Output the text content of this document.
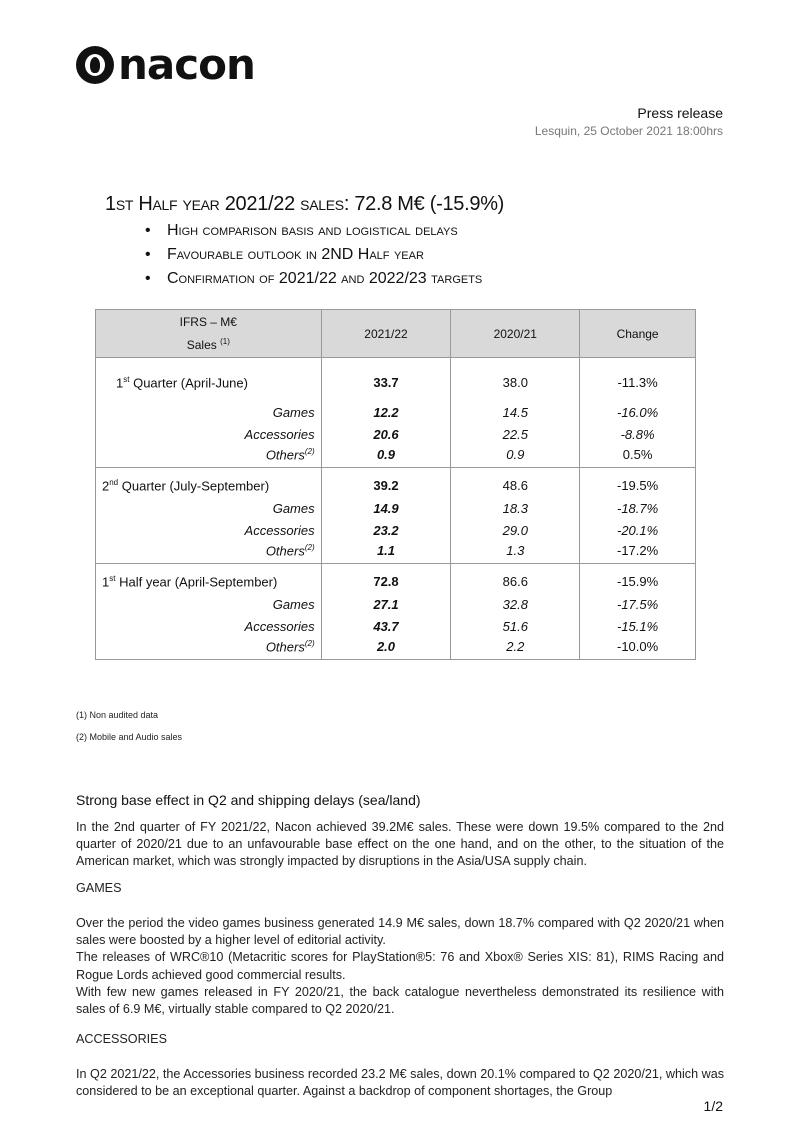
nacon
Press release
Lesquin, 25 October 2021 18:00hrs
1st Half year 2021/22 sales: 72.8 M€ (-15.9%)
• High comparison basis and logistical delays
• Favourable outlook in 2ND Half year
• Confirmation of 2021/22 and 2022/23 targets
IFRS – M€
Sales $^{(1)}$	2021/22	2020/21	Change
1st Quarter (April-June)	33.7	38.0	-11.3%
Games	12.2	14.5	-16.0%
Accessories	20.6	22.5	-8.8%
Others$^{(2)}$	0.9	0.9	0.5%
2nd Quarter (July-September)	39.2	48.6	-19.5%
Games	14.9	18.3	-18.7%
Accessories	23.2	29.0	-20.1%
Others$^{(2)}$	1.1	1.3	-17.2%
1st Half year (April-September)	72.8	86.6	-15.9%
Games	27.1	32.8	-17.5%
Accessories	43.7	51.6	-15.1%
Others$^{(2)}$	2.0	2.2	-10.0%
(1) Non audited data
(2) Mobile and Audio sales
Strong base effect in Q2 and shipping delays (sea/land)
In the 2nd quarter of FY 2021/22, Nacon achieved 39.2M€ sales. These were down 19.5% compared to the 2nd quarter of 2020/21 due to an unfavourable base effect on the one hand, and on the other, to the situation of the American market, which was strongly impacted by disruptions in the Asia/USA supply chain.
GAMES
Over the period the video games business generated 14.9 M€ sales, down 18.7% compared with Q2 2020/21 when sales were boosted by a higher level of editorial activity.
The releases of WRC®10 (Metacritic scores for PlayStation®5: 76 and Xbox® Series XIS: 81), RIMS Racing and Rogue Lords achieved good commercial results.
With few new games released in FY 2020/21, the back catalogue nevertheless demonstrated its resilience with sales of 6.9 M€, virtually stable compared to Q2 2020/21.
ACCESSORIES
In Q2 2021/22, the Accessories business recorded 23.2 M€ sales, down 20.1% compared to Q2 2020/21, which was considered to be an exceptional quarter. Against a backdrop of component shortages, the Group
1/2
